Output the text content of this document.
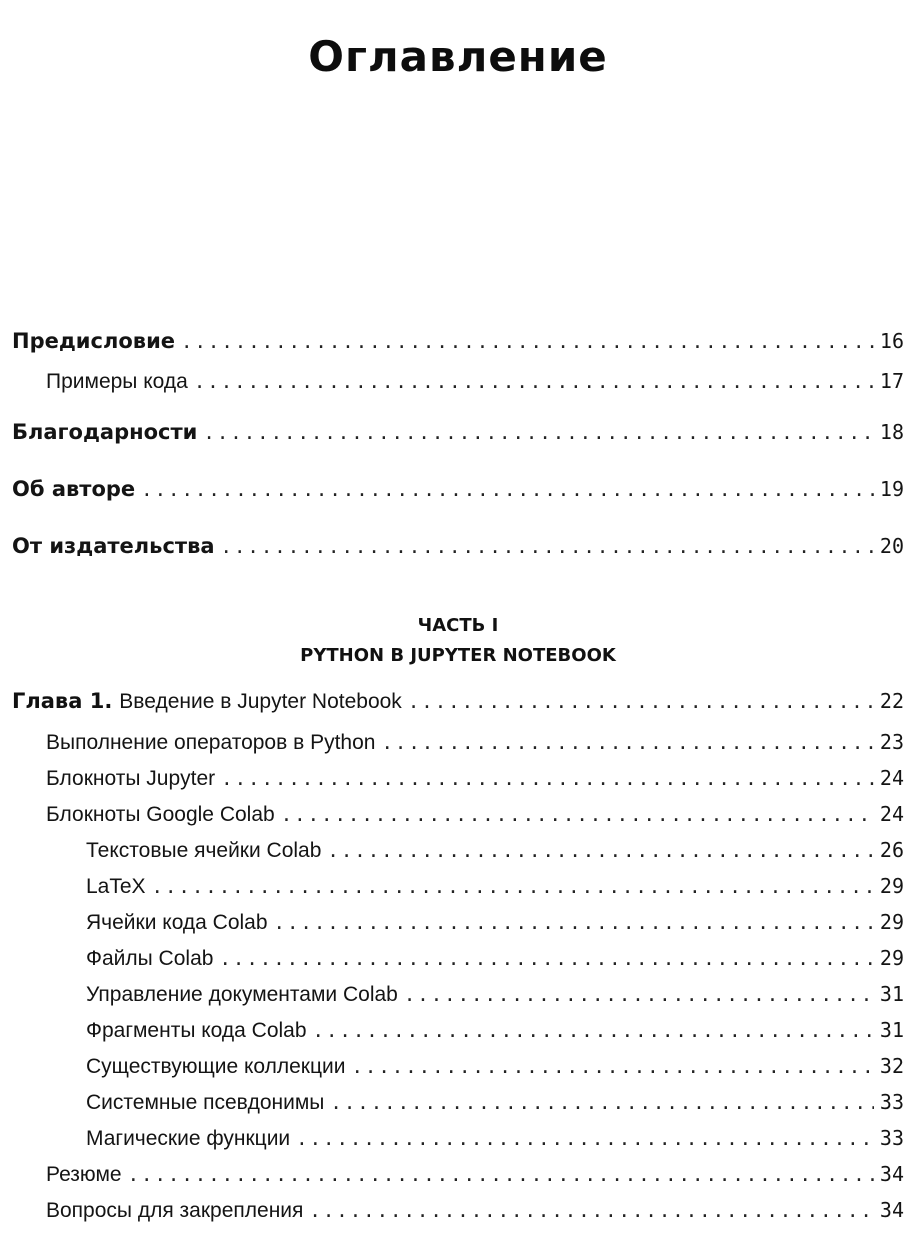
Оглавление
Предисловие .....	16
Примеры кода .....	17
Благодарности .....	18
Об авторе .....	19
От издательства .....	20
ЧАСТЬ I
PYTHON В JUPYTER NOTEBOOK
Глава 1. Введение в Jupyter Notebook .....	22
Выполнение операторов в Python .....	23
Блокноты Jupyter .....	24
Блокноты Google Colab .....	24
Текстовые ячейки Colab .....	26
LaTeX .....	29
Ячейки кода Colab .....	29
Файлы Colab .....	29
Управление документами Colab .....	31
Фрагменты кода Colab .....	31
Существующие коллекции .....	32
Системные псевдонимы .....	33
Магические функции .....	33
Резюме .....	34
Вопросы для закрепления .....	34
